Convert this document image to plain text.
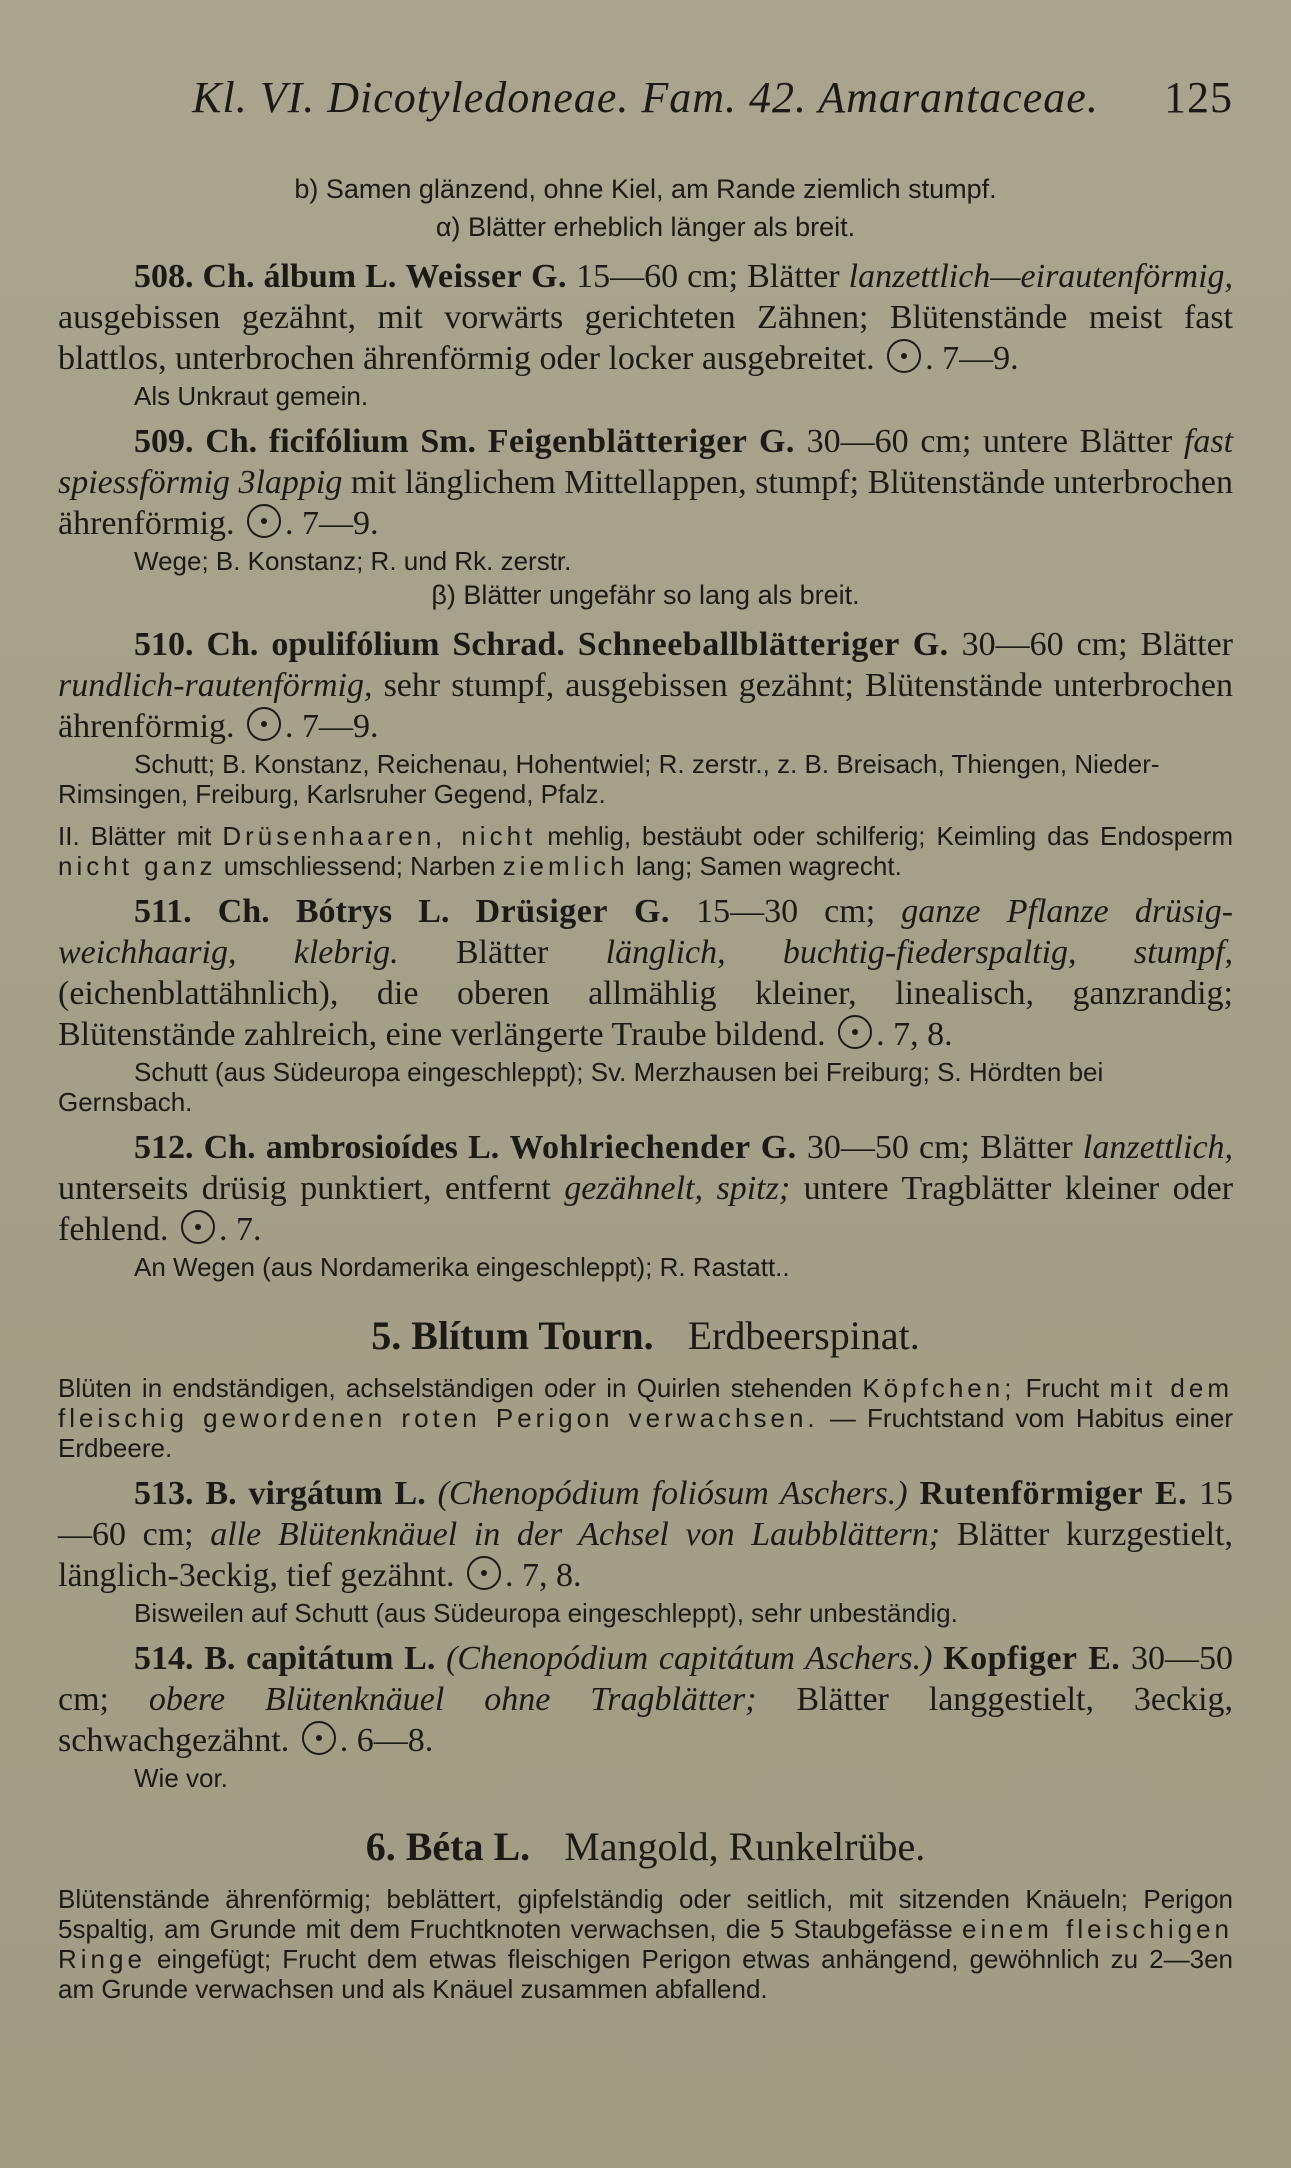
Kl. VI. Dicotyledoneae. Fam. 42. Amarantaceae. 125

b) Samen glänzend, ohne Kiel, am Rande ziemlich stumpf.

α) Blätter erheblich länger als breit.

508. Ch. álbum L. Weisser G. 15—60 cm; Blätter lanzettlich—eirautenförmig, ausgebissen gezähnt, mit vorwärts gerichteten Zähnen; Blütenstände meist fast blattlos, unterbrochen ährenförmig oder locker ausgebreitet. . 7—9.

Als Unkraut gemein.

509. Ch. ficifólium Sm. Feigenblätteriger G. 30—60 cm; untere Blätter fast spiessförmig 3lappig mit länglichem Mittellappen, stumpf; Blütenstände unterbrochen ährenförmig. . 7—9.

Wege; B. Konstanz; R. und Rk. zerstr.

β) Blätter ungefähr so lang als breit.

510. Ch. opulifólium Schrad. Schneeballblätteriger G. 30—60 cm; Blätter rundlich-rautenförmig, sehr stumpf, ausgebissen gezähnt; Blütenstände unterbrochen ährenförmig. . 7—9.

Schutt; B. Konstanz, Reichenau, Hohentwiel; R. zerstr., z. B. Breisach, Thiengen, Nieder-Rimsingen, Freiburg, Karlsruher Gegend, Pfalz.

II. Blätter mit Drüsenhaaren, nicht mehlig, bestäubt oder schilferig; Keimling das Endosperm nicht ganz umschliessend; Narben ziemlich lang; Samen wagrecht.

511. Ch. Bótrys L. Drüsiger G. 15—30 cm; ganze Pflanze drüsig-weichhaarig, klebrig. Blätter länglich, buchtig-fiederspaltig, stumpf, (eichenblattähnlich), die oberen allmählig kleiner, linealisch, ganzrandig; Blütenstände zahlreich, eine verlängerte Traube bildend. . 7, 8.

Schutt (aus Südeuropa eingeschleppt); Sv. Merzhausen bei Freiburg; S. Hördten bei Gernsbach.

512. Ch. ambrosioídes L. Wohlriechender G. 30—50 cm; Blätter lanzettlich, unterseits drüsig punktiert, entfernt gezähnelt, spitz; untere Tragblätter kleiner oder fehlend. . 7.

An Wegen (aus Nordamerika eingeschleppt); R. Rastatt..

5. Blítum Tourn. Erdbeerspinat.

Blüten in endständigen, achselständigen oder in Quirlen stehenden Köpfchen; Frucht mit dem fleischig gewordenen roten Perigon verwachsen. — Fruchtstand vom Habitus einer Erdbeere.

513. B. virgátum L. (Chenopódium foliósum Aschers.) Rutenförmiger E. 15—60 cm; alle Blütenknäuel in der Achsel von Laubblättern; Blätter kurzgestielt, länglich-3eckig, tief gezähnt. . 7, 8.

Bisweilen auf Schutt (aus Südeuropa eingeschleppt), sehr unbeständig.

514. B. capitátum L. (Chenopódium capitátum Aschers.) Kopfiger E. 30—50 cm; obere Blütenknäuel ohne Tragblätter; Blätter langgestielt, 3eckig, schwachgezähnt. . 6—8.

Wie vor.

6. Béta L. Mangold, Runkelrübe.

Blütenstände ährenförmig; beblättert, gipfelständig oder seitlich, mit sitzenden Knäueln; Perigon 5spaltig, am Grunde mit dem Fruchtknoten verwachsen, die 5 Staubgefässe einem fleischigen Ringe eingefügt; Frucht dem etwas fleischigen Perigon etwas anhängend, gewöhnlich zu 2—3en am Grunde verwachsen und als Knäuel zusammen abfallend.
